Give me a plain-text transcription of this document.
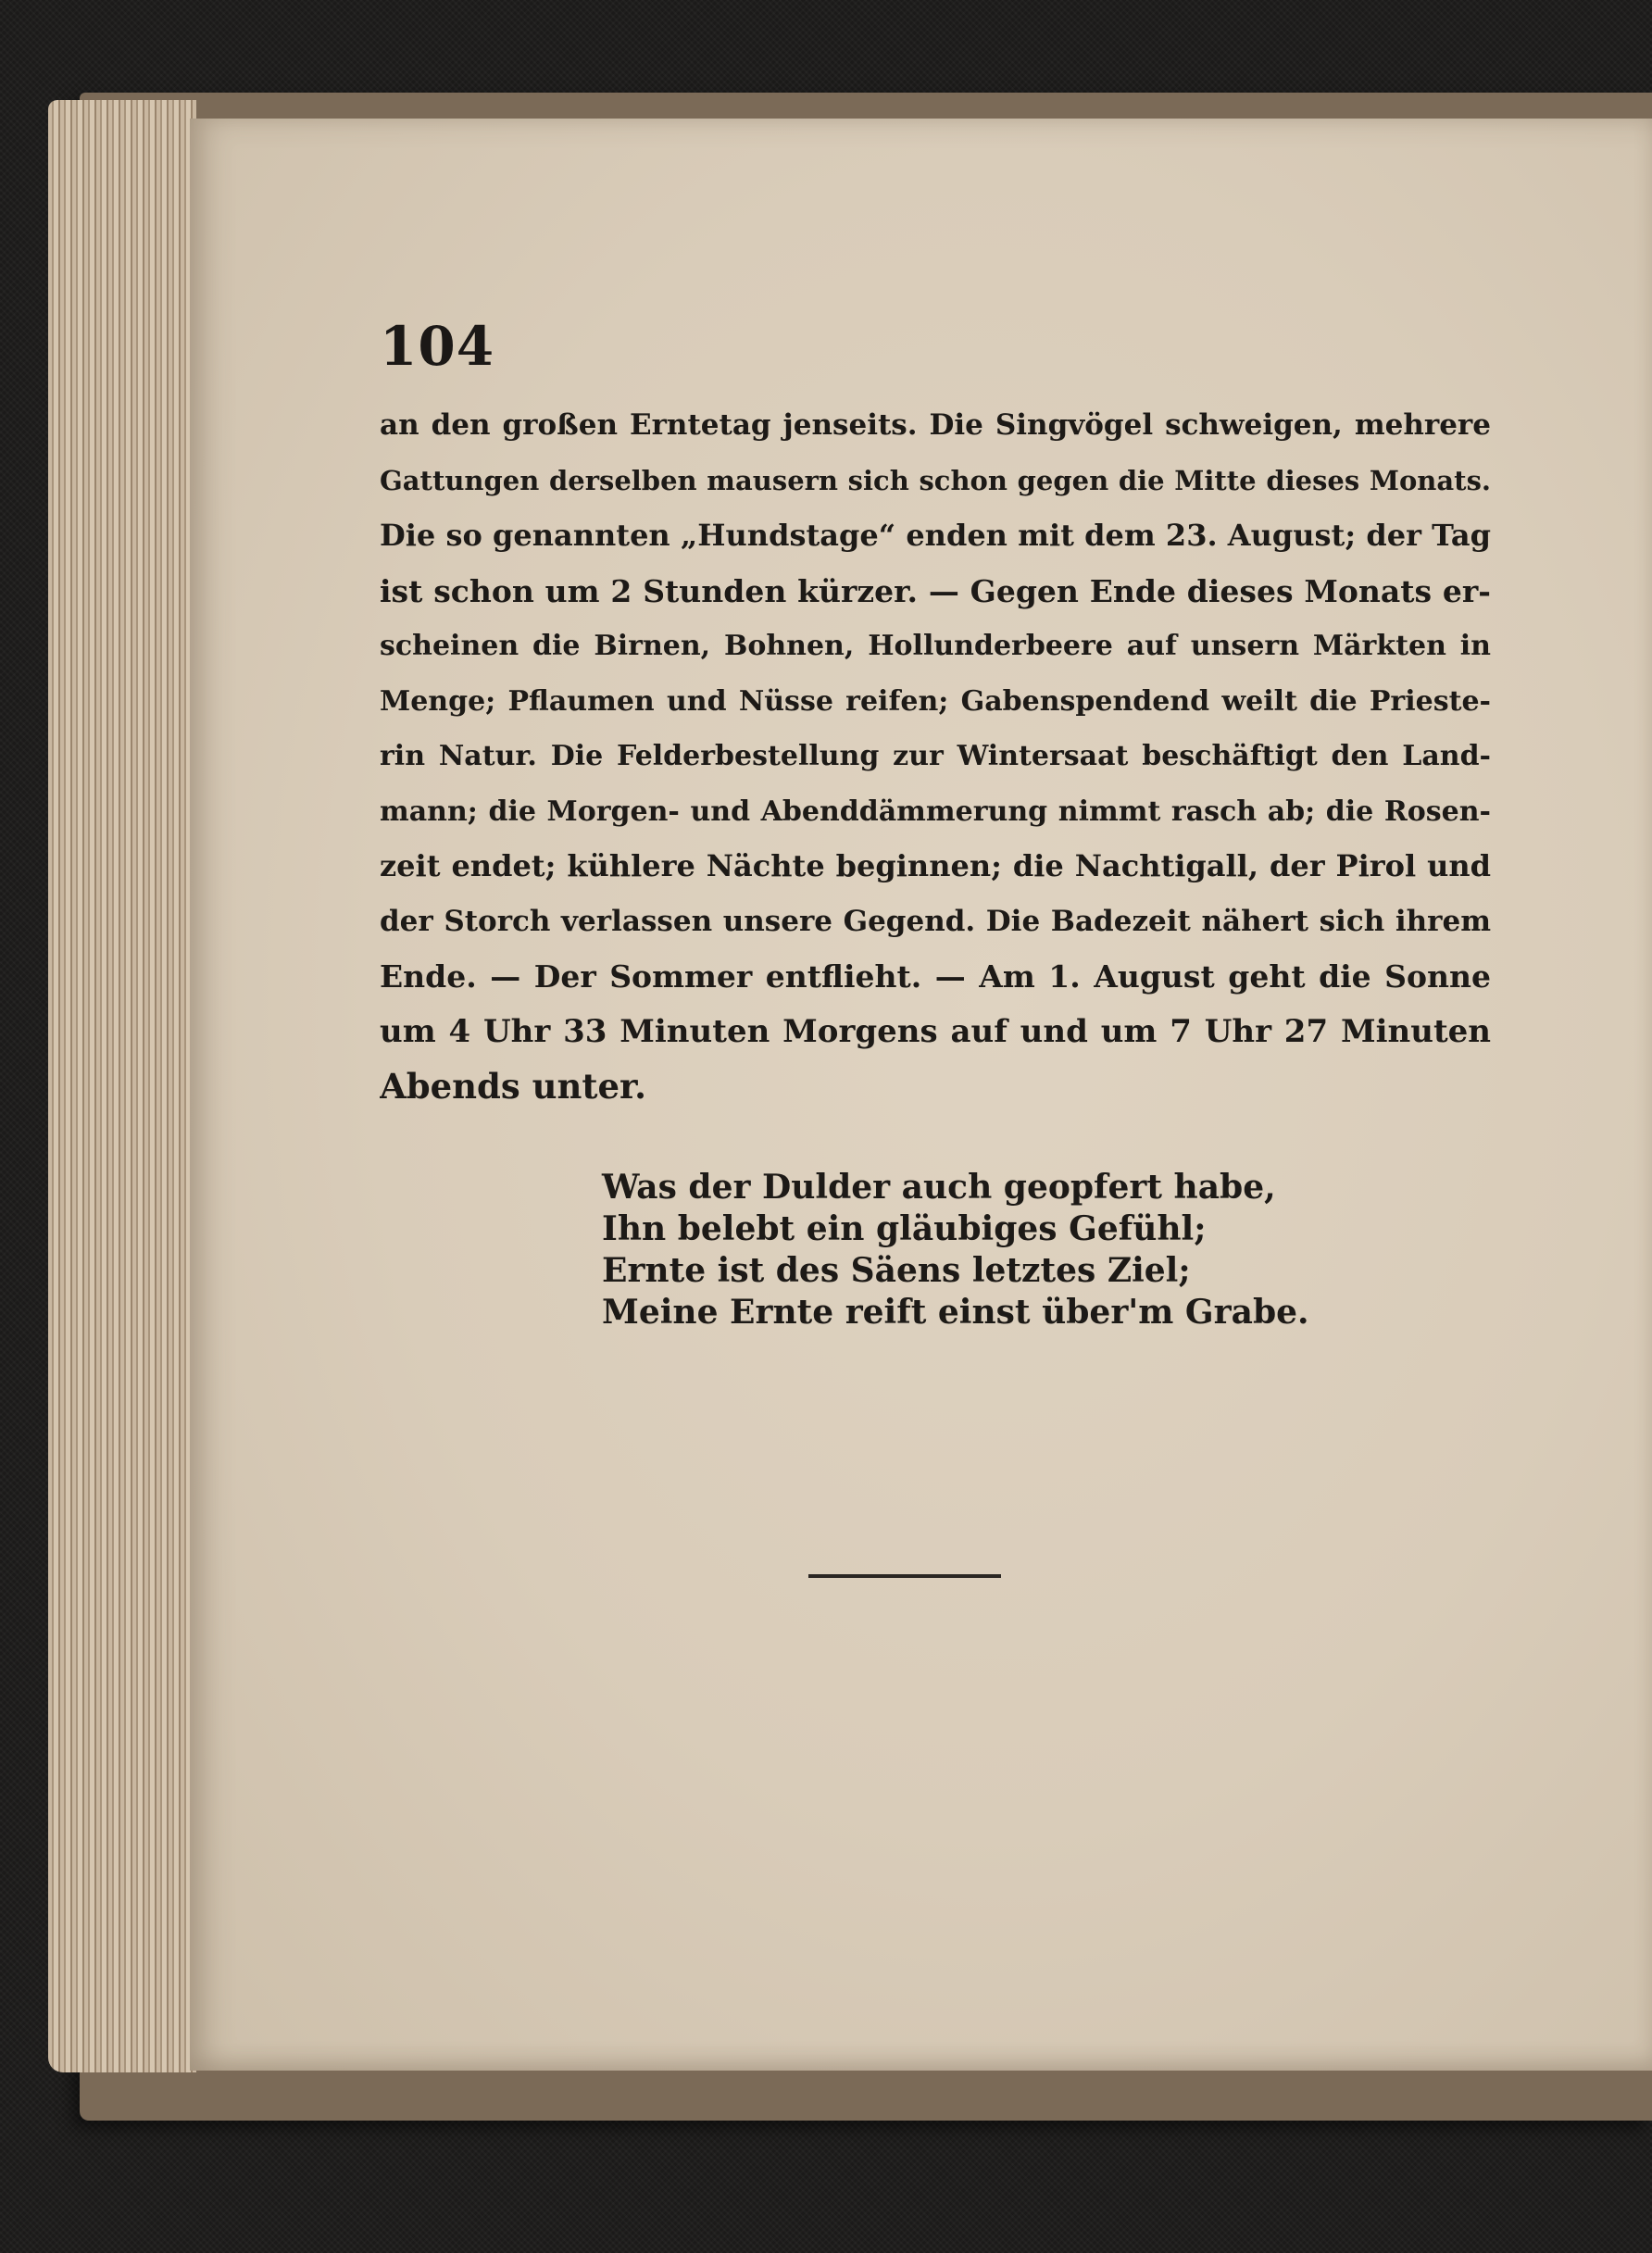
104
an den großen Erntetag jenseits. Die Singvögel schweigen, mehrere
Gattungen derselben mausern sich schon gegen die Mitte dieses Monats.
Die so genannten „Hundstage“ enden mit dem 23. August; der Tag
ist schon um 2 Stunden kürzer. — Gegen Ende dieses Monats er-
scheinen die Birnen, Bohnen, Hollunderbeere auf unsern Märkten in
Menge; Pflaumen und Nüsse reifen; Gabenspendend weilt die Prieste-
rin Natur. Die Felderbestellung zur Wintersaat beschäftigt den Land-
mann; die Morgen- und Abenddämmerung nimmt rasch ab; die Rosen-
zeit endet; kühlere Nächte beginnen; die Nachtigall, der Pirol und
der Storch verlassen unsere Gegend. Die Badezeit nähert sich ihrem
Ende. — Der Sommer entflieht. — Am 1. August geht die Sonne
um 4 Uhr 33 Minuten Morgens auf und um 7 Uhr 27 Minuten
Abends unter.
Was der Dulder auch geopfert habe,
Ihn belebt ein gläubiges Gefühl;
Ernte ist des Säens letztes Ziel;
Meine Ernte reift einst über'm Grabe.
